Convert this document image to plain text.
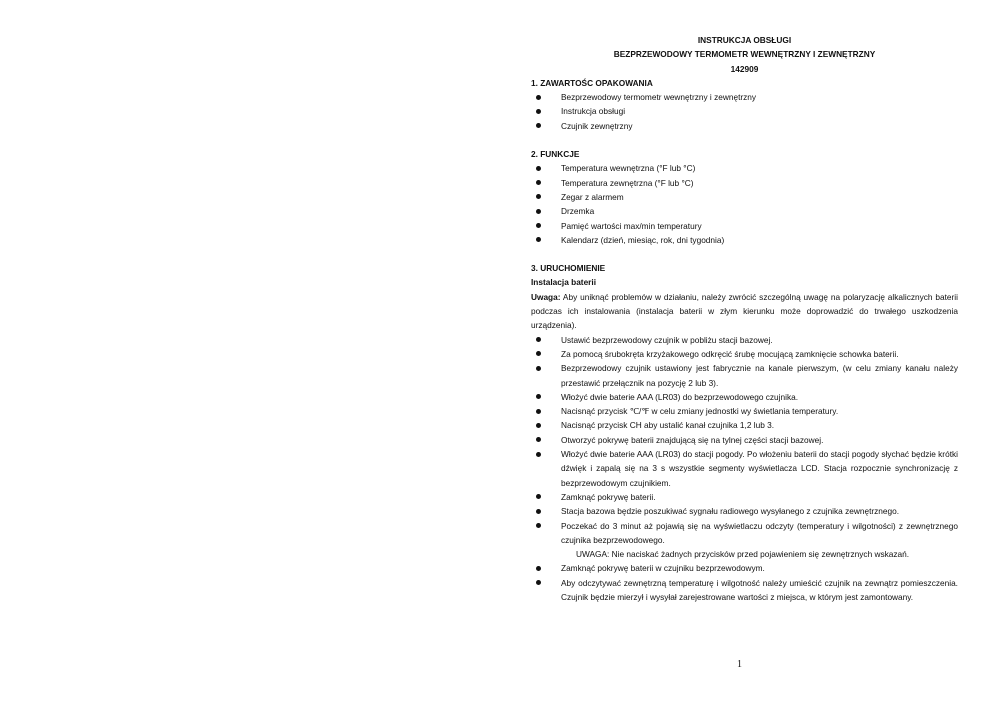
INSTRUKCJA OBSŁUGI
BEZPRZEWODOWY TERMOMETR WEWNĘTRZNY I ZEWNĘTRZNY
142909
1. ZAWARTOŚC OPAKOWANIA
Bezprzewodowy termometr wewnętrzny i zewnętrzny
Instrukcja obsługi
Czujnik zewnętrzny
2. FUNKCJE
Temperatura wewnętrzna (°F lub °C)
Temperatura zewnętrzna (°F lub °C)
Zegar z alarmem
Drzemka
Pamięć wartości max/min temperatury
Kalendarz (dzień, miesiąc, rok, dni tygodnia)
3. URUCHOMIENIE
Instalacja baterii
Uwaga: Aby uniknąć problemów w działaniu, należy zwrócić szczególną uwagę na polaryzację alkalicznych baterii podczas ich instalowania (instalacja baterii w złym kierunku może doprowadzić do trwałego uszkodzenia urządzenia).
Ustawić bezprzewodowy czujnik w pobliżu stacji bazowej.
Za pomocą śrubokręta krzyżakowego odkręcić śrubę mocującą zamknięcie schowka baterii.
Bezprzewodowy czujnik ustawiony jest fabrycznie na kanale pierwszym, (w celu zmiany kanału należy przestawić przełącznik na pozycję 2 lub 3).
Włożyć dwie baterie AAA (LR03) do bezprzewodowego czujnika.
Nacisnąć przycisk ℃/℉ w celu zmiany jednostki wy świetlania temperatury.
Nacisnąć przycisk CH aby ustalić kanał czujnika 1,2 lub 3.
Otworzyć pokrywę baterii znajdującą się na tylnej części stacji bazowej.
Włożyć dwie baterie AAA (LR03) do stacji pogody. Po włożeniu baterii do stacji pogody słychać będzie krótki dźwięk i zapalą się na 3 s wszystkie segmenty wyświetlacza LCD. Stacja rozpocznie synchronizację z bezprzewodowym czujnikiem.
Zamknąć pokrywę baterii.
Stacja bazowa będzie poszukiwać sygnału radiowego wysyłanego z czujnika zewnętrznego.
Poczekać do 3 minut aż pojawią się na wyświetlaczu odczyty (temperatury i wilgotności) z zewnętrznego czujnika bezprzewodowego.
UWAGA: Nie naciskać żadnych przycisków przed pojawieniem się zewnętrznych wskazań.
Zamknąć pokrywę baterii w czujniku bezprzewodowym.
Aby odczytywać zewnętrzną temperaturę i wilgotność należy umieścić czujnik na zewnątrz pomieszczenia. Czujnik będzie mierzył i wysyłał zarejestrowane wartości z miejsca, w którym jest zamontowany.
1
